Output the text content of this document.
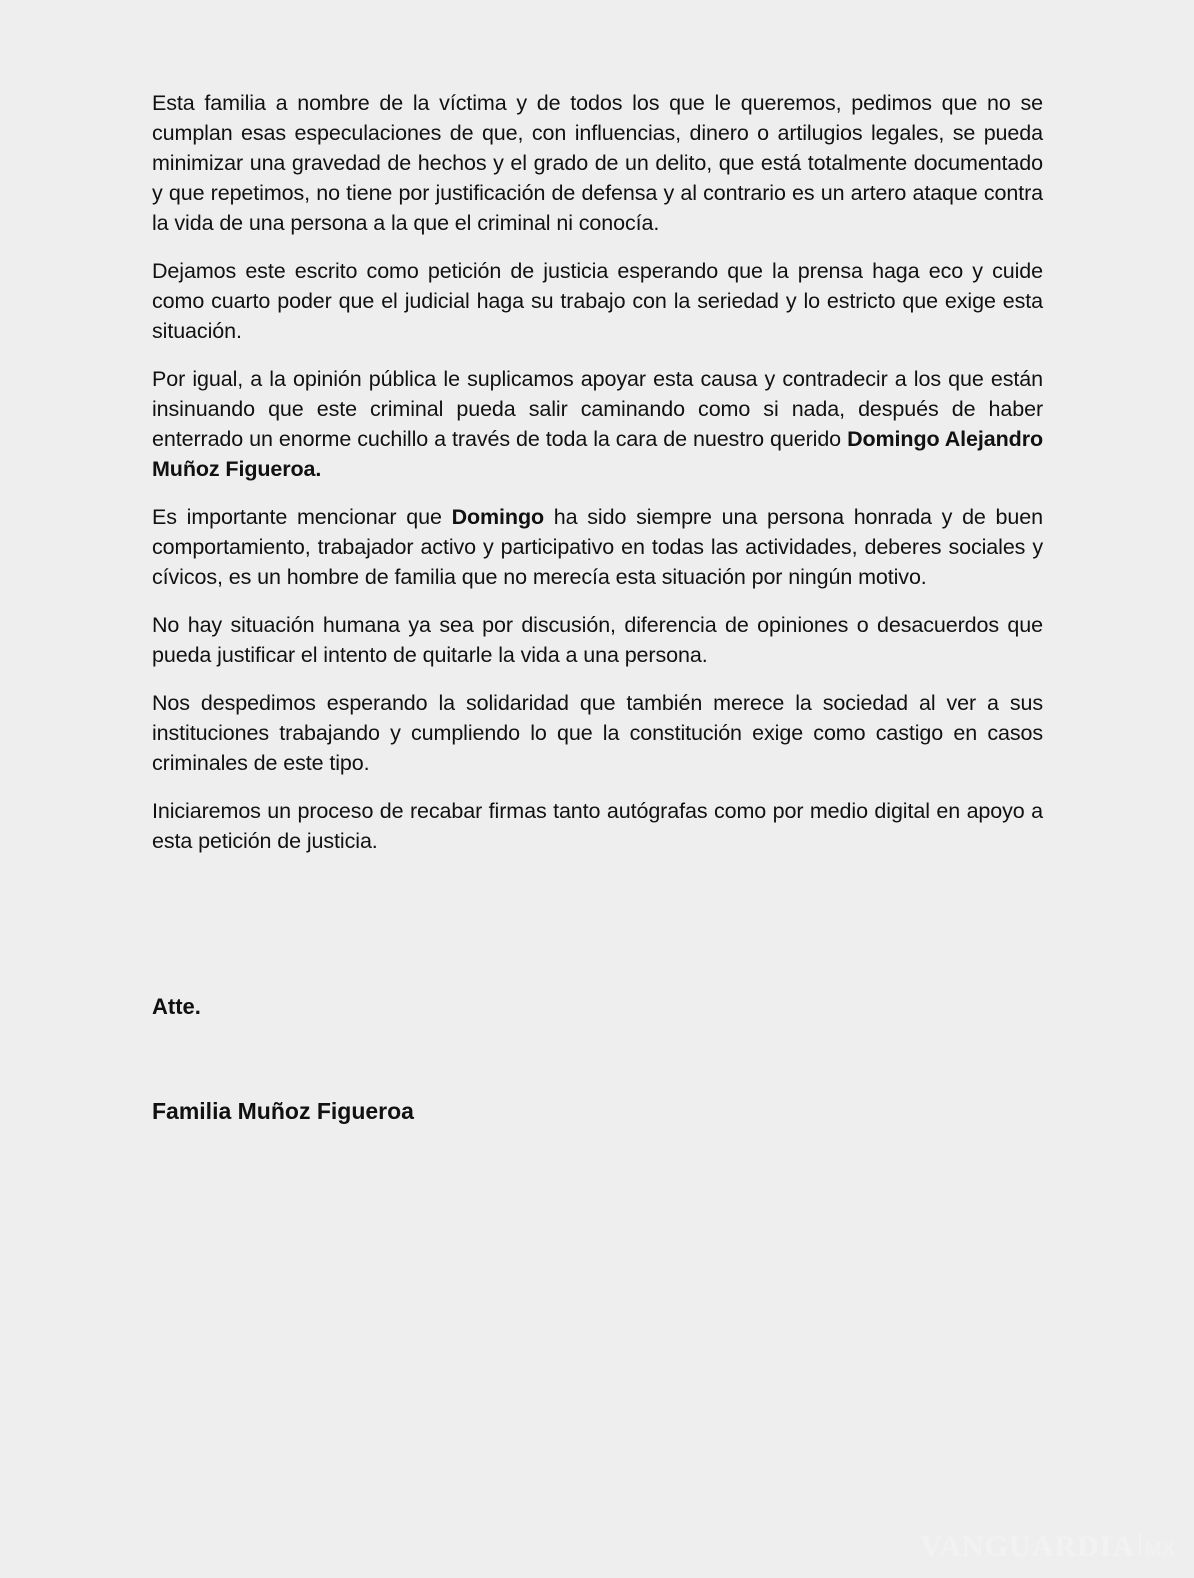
Esta familia a nombre de la víctima y de todos los que le queremos, pedimos que no se cumplan esas especulaciones de que, con influencias, dinero o artilugios legales, se pueda minimizar una gravedad de hechos y el grado de un delito, que está totalmente documentado y que repetimos, no tiene por justificación de defensa y al contrario es un artero ataque contra la vida de una persona a la que el criminal ni conocía.

Dejamos este escrito como petición de justicia esperando que la prensa haga eco y cuide como cuarto poder que el judicial haga su trabajo con la seriedad y lo estricto que exige esta situación.

Por igual, a la opinión pública le suplicamos apoyar esta causa y contradecir a los que están insinuando que este criminal pueda salir caminando como si nada, después de haber enterrado un enorme cuchillo a través de toda la cara de nuestro querido Domingo Alejandro Muñoz Figueroa.

Es importante mencionar que Domingo ha sido siempre una persona honrada y de buen comportamiento, trabajador activo y participativo en todas las actividades, deberes sociales y cívicos, es un hombre de familia que no merecía esta situación por ningún motivo.

No hay situación humana ya sea por discusión, diferencia de opiniones o desacuerdos que pueda justificar el intento de quitarle la vida a una persona.

Nos despedimos esperando la solidaridad que también merece la sociedad al ver a sus instituciones trabajando y cumpliendo lo que la constitución exige como castigo en casos criminales de este tipo.

Iniciaremos un proceso de recabar firmas tanto autógrafas como por medio digital en apoyo a esta petición de justicia.

Atte.
Familia Muñoz Figueroa
VANGUARDIA MX
